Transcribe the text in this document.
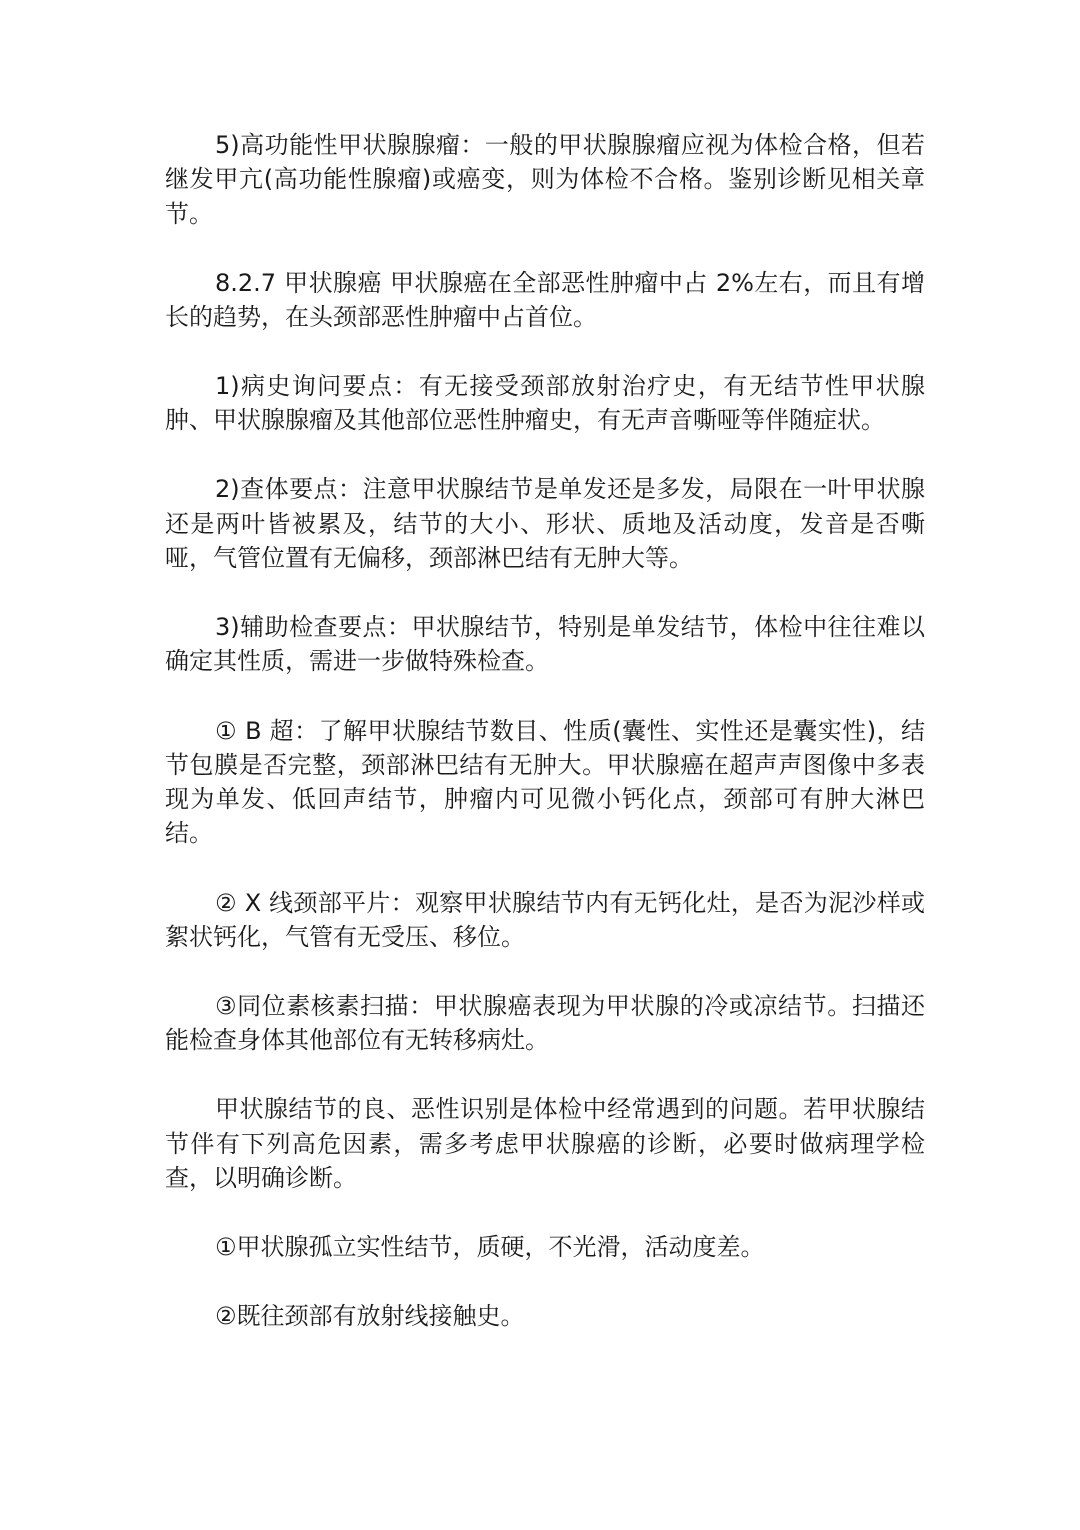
5)高功能性甲状腺腺瘤：一般的甲状腺腺瘤应视为体检合格，但若继发甲亢(高功能性腺瘤)或癌变，则为体检不合格。鉴别诊断见相关章节。

8.2.7 甲状腺癌 甲状腺癌在全部恶性肿瘤中占 2%左右，而且有增长的趋势，在头颈部恶性肿瘤中占首位。

1)病史询问要点：有无接受颈部放射治疗史，有无结节性甲状腺肿、甲状腺腺瘤及其他部位恶性肿瘤史，有无声音嘶哑等伴随症状。

2)查体要点：注意甲状腺结节是单发还是多发，局限在一叶甲状腺还是两叶皆被累及，结节的大小、形状、质地及活动度，发音是否嘶哑，气管位置有无偏移，颈部淋巴结有无肿大等。

3)辅助检查要点：甲状腺结节，特别是单发结节，体检中往往难以确定其性质，需进一步做特殊检查。

① B 超：了解甲状腺结节数目、性质(囊性、实性还是囊实性)，结节包膜是否完整，颈部淋巴结有无肿大。甲状腺癌在超声声图像中多表现为单发、低回声结节，肿瘤内可见微小钙化点，颈部可有肿大淋巴结。

② X 线颈部平片：观察甲状腺结节内有无钙化灶，是否为泥沙样或絮状钙化，气管有无受压、移位。

③同位素核素扫描：甲状腺癌表现为甲状腺的冷或凉结节。扫描还能检查身体其他部位有无转移病灶。

甲状腺结节的良、恶性识别是体检中经常遇到的问题。若甲状腺结节伴有下列高危因素，需多考虑甲状腺癌的诊断，必要时做病理学检查，以明确诊断。

①甲状腺孤立实性结节，质硬，不光滑，活动度差。

②既往颈部有放射线接触史。
